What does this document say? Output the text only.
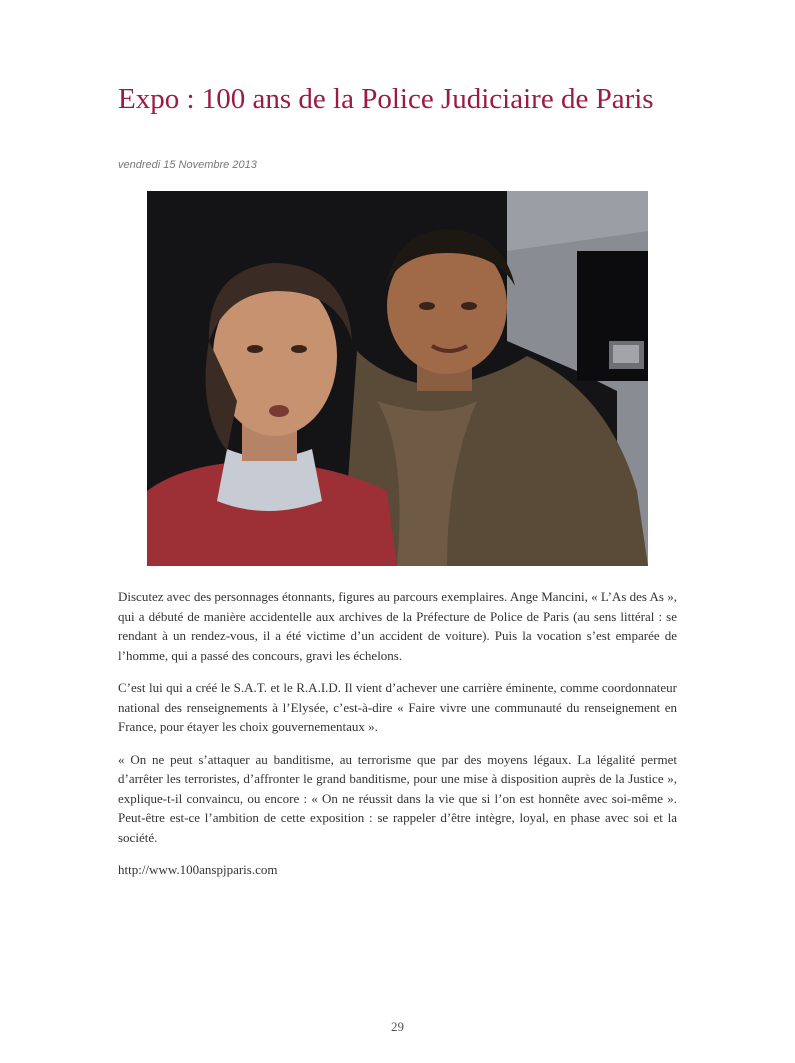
Expo : 100 ans de la Police Judiciaire de Paris
vendredi 15 Novembre 2013

Discutez avec des personnages étonnants, figures au parcours exemplaires. Ange Mancini, « L’As des As », qui a débuté de manière accidentelle aux archives de la Préfecture de Police de Paris (au sens littéral : se rendant à un rendez-vous, il a été victime d’un accident de voiture). Puis la vocation s’est emparée de l’homme, qui a passé des concours, gravi les échelons.

C’est lui qui a créé le S.A.T. et le R.A.I.D. Il vient d’achever une carrière éminente, comme coordonnateur national des renseignements à l’Elysée, c’est-à-dire « Faire vivre une communauté du renseignement en France, pour étayer les choix gouvernementaux ».

« On ne peut s’attaquer au banditisme, au terrorisme que par des moyens légaux. La légalité permet d’arrêter les terroristes, d’affronter le grand banditisme, pour une mise à disposition auprès de la Justice », explique-t-il convaincu, ou encore : « On ne réussit dans la vie que si l’on est honnête avec soi-même ». Peut-être est-ce l’ambition de cette exposition : se rappeler d’être intègre, loyal, en phase avec soi et la société.

http://www.100anspjparis.com

29
